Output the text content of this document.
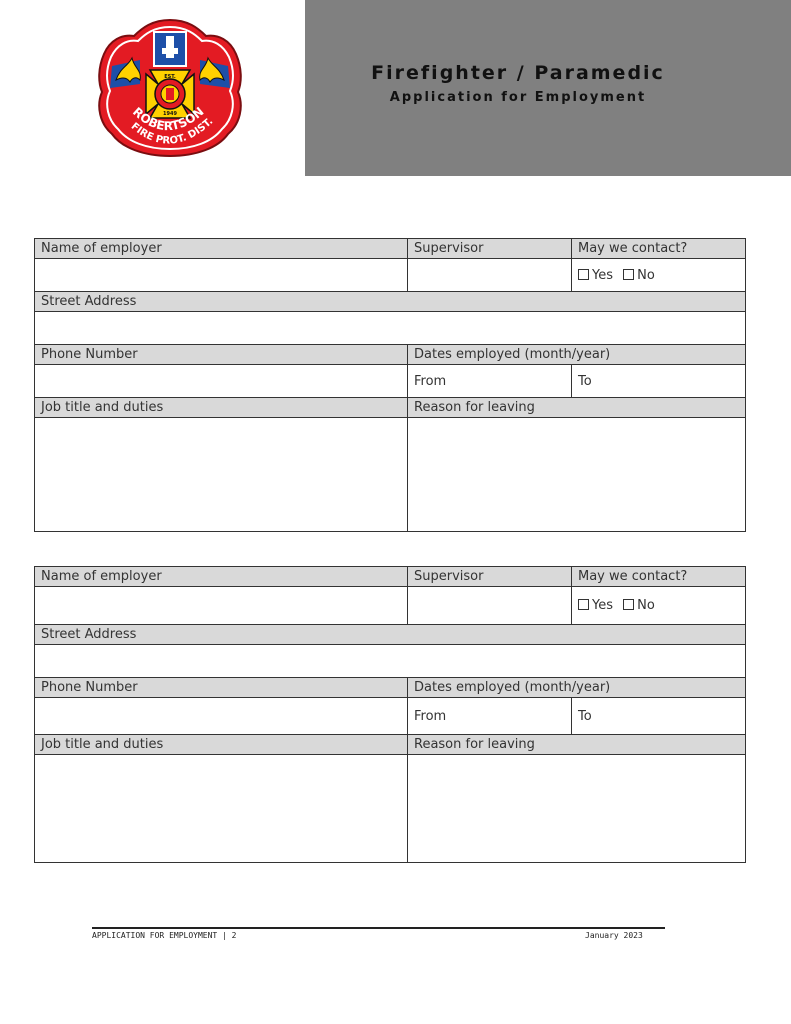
EST.
1949
ROBERTSON
FIRE PROT. DIST.
Firefighter / Paramedic
Application for Employment
Name of employer	Supervisor	May we contact?
		Yes No
Street Address		

Phone Number	Dates employed (month/year)	
	From	To
Job title and duties	Reason for leaving	

Name of employer	Supervisor	May we contact?
		Yes No
Street Address		

Phone Number	Dates employed (month/year)	
	From	To
Job title and duties	Reason for leaving	

APPLICATION FOR EMPLOYMENT | 2	January 2023
